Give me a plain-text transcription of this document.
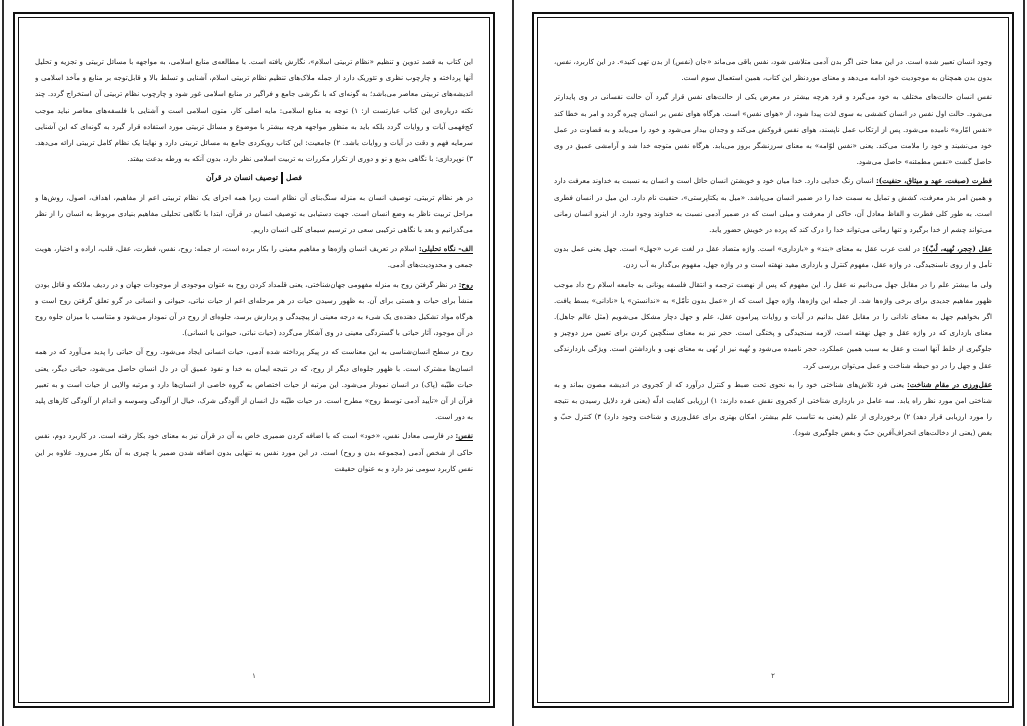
این کتاب به قصد تدوین و تنظیم «نظام تربیتی اسلام»، نگارش یافته است. با مطالعه‌ی منابع اسلامی، به مواجهه با مسائل تربیتی و تجزیه و تحلیل آنها پرداخته و چارچوب نظری و تئوریک دارد از جمله ملاک‌های تنظیم نظام تربیتی اسلام، آشنایی و تسلط بالا و قابل‌توجه بر منابع و مآخذ اسلامی و اندیشه‌های تربیتی معاصر می‌باشد؛ به گونه‌ای که با نگرشی جامع و فراگیر در منابع اسلامی غور شود و چارچوب نظام تربیتی آن استخراج گردد. چند نکته درباره‌ی این کتاب عبارتست از: ۱) توجه به منابع اسلامی: مایه اصلی کار، متون اسلامی است و آشنایی با فلسفه‌های معاصر نباید موجب کج‌فهمی آیات و روایات گردد بلکه باید به منظور مواجهه هرچه بیشتر با موضوع و مسائل تربیتی مورد استفاده قرار گیرد به گونه‌ای که این آشنایی سرمایه فهم و دقت در آیات و روایات باشد. ۲) جامعیت: این کتاب رویکردی جامع به مسائل تربیتی دارد و نهایتا یک نظام کامل تربیتی ارائه می‌دهد. ۳) نوپردازی: با نگاهی بدیع و نو و دوری از تکرار مکررات به تربیت اسلامی نظر دارد، بدون آنکه به ورطه بدعت بیفتد.

فصلتوصیف انسان در قرآن

در هر نظام تربیتی، توصیف انسان به منزله سنگ‌بنای آن نظام است زیرا همه اجزای یک نظام تربیتی اعم از مفاهیم، اهداف، اصول، روش‌ها و مراحل تربیت ناظر به وضع انسان است. جهت دستیابی به توصیف انسان در قرآن، ابتدا با نگاهی تحلیلی مفاهیم بنیادی مربوط به انسان را از نظر می‌گذرانیم و بعد با نگاهی ترکیبی سعی در ترسیم سیمای کلی انسان داریم.

الف- نگاه تحلیلی: اسلام در تعریف انسان واژه‌ها و مفاهیم معینی را بکار برده است، از جمله: روح، نفس، فطرت، عقل، قلب، اراده و اختیار، هویت جمعی و محدودیت‌های آدمی.

روح: در نظر گرفتن روح به منزله مفهومی جهان‌شناختی، یعنی قلمداد کردن روح به عنوان موجودی از موجودات جهان و در ردیف ملائکه و قائل بودن منشأ برای حیات و هستی برای آن. به ظهور رسیدن حیات در هر مرحله‌ای اعم از حیات نباتی، حیوانی و انسانی در گرو تعلق گرفتن روح است و هرگاه مواد تشکیل دهنده‌ی یک شیء به درجه معینی از پیچیدگی و پردازش برسد، جلوه‌ای از روح در آن نمودار می‌شود و متناسب با میزان جلوه روح در آن موجود، آثار حیاتی با گستردگی معینی در وی آشکار می‌گردد (حیات نباتی، حیوانی یا انسانی).

روح در سطح انسان‌شناسی به این معناست که در پیکر پرداخته شده آدمی، حیات انسانی ایجاد می‌شود. روح آن حیاتی را پدید می‌آورد که در همه انسان‌ها مشترک است. با ظهور جلوه‌ای دیگر از روح، که در نتیجه ایمان به خدا و نفوذ عمیق آن در دل انسان حاصل می‌شود، حیاتی دیگر، یعنی حیات طیّبه (پاک) در انسان نمودار می‌شود. این مرتبه از حیات اختصاص به گروه خاصی از انسان‌ها دارد و مرتبه والایی از حیات است و به تعبیر قرآن از آن «تأیید آدمی توسط روح» مطرح است. در حیات طیّبه دل انسان از آلودگی شرک، خیال از آلودگی وسوسه و اندام از آلودگی کارهای پلید به دور است.

نفس: در فارسی معادل نفس، «خود» است که با اضافه کردن ضمیری خاص به آن در قرآن نیز به معنای خود بکار رفته است. در کاربرد دوم، نفس حاکی از شخص آدمی (مجموعه بدن و روح) است. در این مورد نفس به تنهایی بدون اضافه شدن ضمیر یا چیزی به آن بکار می‌رود. علاوه بر این نفس کاربرد سومی نیز دارد و به عنوان حقیقت

۱

وجود انسان تعبیر شده است. در این معنا حتی اگر بدن آدمی متلاشی شود، نفس باقی می‌ماند «جان (نفس) از بدن تهی کنید». در این کاربرد، نفس، بدون بدن همچنان به موجودیت خود ادامه می‌دهد و معنای موردنظر این کتاب، همین استعمال سوم است.

نفس انسان حالت‌های مختلف به خود می‌گیرد و فرد هرچه بیشتر در معرض یکی از حالت‌های نفس قرار گیرد آن حالت نفسانی در وی پایدارتر می‌شود. حالت اول نفس در انسان کششی به سوی لذت پیدا شود، از «هوای نفس» است. هرگاه هوای نفس بر انسان چیره گردد و امر به خطا کند «نفس امّاره» نامیده می‌شود. پس از ارتکاب عمل ناپسند، هوای نفس فروکش می‌کند و وجدان بیدار می‌شود و خود را می‌یابد و به قضاوت در عمل خود می‌نشیند و خود را ملامت می‌کند. یعنی «نفس لوّامه» به معنای سرزنشگر بروز می‌یابد. هرگاه نفس متوجه خدا شد و آرامشی عمیق در وی حاصل گشت «نفس مطمئنه» حاصل می‌شود.

فطرت (صبغت، عهد و میثاق، حنفیت): انسان رنگ خدایی دارد. خدا میان خود و خویشتن انسان حائل است و انسان به نسبت به خداوند معرفت دارد و همین امر بذر معرفت، کشش و تمایل به سمت خدا را در ضمیر انسان می‌پاشد. «میل به یکتاپرستی»، حنفیت نام دارد. این میل در انسان فطری است. به طور کلی فطرت و الفاظ معادل آن، حاکی از معرفت و میلی است که در ضمیر آدمی نسبت به خداوند وجود دارد. از اینرو انسان زمانی می‌تواند چشم از خدا برگیرد و تنها زمانی می‌تواند خدا را درک کند که پرده در خویش حضور یابد.

عقل (حِجر، نُهیه، لُبّ): در لغت عرب عقل به معنای «بند» و «بازداری» است. واژه متضاد عقل در لغت عرب «جهل» است. جهل یعنی عمل بدون تأمل و از روی ناسنجیدگی. در واژه عقل، مفهوم کنترل و بازداری مفید نهفته است و در واژه جهل، مفهوم بی‌گدار به آب زدن.

ولی ما بیشتر علم را در مقابل جهل می‌دانیم نه عقل را. این مفهوم که پس از نهضت ترجمه و انتقال فلسفه یونانی به جامعه اسلام رخ داد موجب ظهور مفاهیم جدیدی برای برخی واژه‌ها شد. از جمله این واژه‌ها، واژه جهل است که از «عمل بدون تأمّل» به «ندانستن» یا «نادانی» بسط یافت. اگر بخواهیم جهل به معنای نادانی را در مقابل عقل بدانیم در آیات و روایات پیرامون عقل، علم و جهل دچار مشکل می‌شویم (مثل عالم جاهل). معنای بازداری که در واژه عقل و جهل نهفته است، لازمه سنجیدگی و پختگی است. حجر نیز به معنای سنگچین کردن برای تعیین مرز دوچیز و جلوگیری از خلط آنها است و عقل به سبب همین عملکرد، حجر نامیده می‌شود و نُهیه نیز از نُهی به معنای نهی و بازداشتن است. ویژگی بازدارندگی عقل و جهل را در دو حیطه شناخت و عمل می‌توان بررسی کرد.

عقل‌ورزی در مقام شناخت: یعنی فرد تلاش‌های شناختی خود را به نحوی تحت ضبط و کنترل درآورد که از کجروی در اندیشه مصون بماند و به شناختی امن مورد نظر راه یابد. سه عامل در بازداری شناختی از کجروی نقش عمده دارند: ۱) ارزیابی کفایت ادلّه (یعنی فرد دلایل رسیدن به نتیجه را مورد ارزیابی قرار دهد) ۲) برخورداری از علم (یعنی به تناسب علم بیشتر، امکان بهتری برای عقل‌ورزی و شناخت وجود دارد) ۳) کنترل حبّ و بغض (یعنی از دخالت‌های انحراف‌آفرین حبّ و بغض جلوگیری شود).

۲
